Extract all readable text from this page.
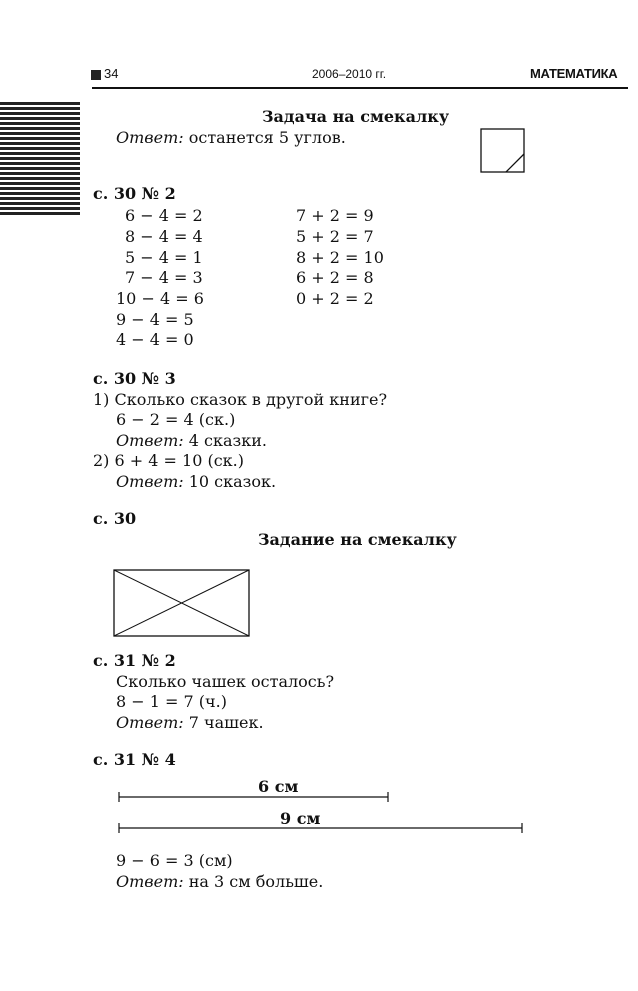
34	2006–2010 гг.	МАТЕМАТИКА
Задача на смекалку
Ответ: останется 5 углов.
с. 30 № 2
6 − 4 = 2
8 − 4 = 4
5 − 4 = 1
7 − 4 = 3
10 − 4 = 6
9 − 4 = 5
4 − 4 = 0
7 + 2 = 9
5 + 2 = 7
8 + 2 = 10
6 + 2 = 8
0 + 2 = 2
с. 30 № 3
1) Сколько сказок в другой книге?
6 − 2 = 4 (ск.)
Ответ: 4 сказки.
2) 6 + 4 = 10 (ск.)
Ответ: 10 сказок.
с. 30
Задание на смекалку
с. 31 № 2
Сколько чашек осталось?
8 − 1 = 7 (ч.)
Ответ: 7 чашек.
с. 31 № 4
6 см
9 см
9 − 6 = 3 (см)
Ответ: на 3 см больше.
